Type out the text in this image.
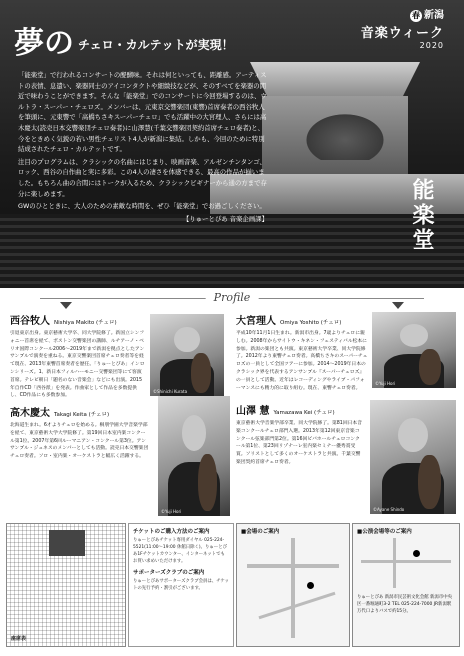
夢の $^{チェロ・カルテットが実現!}$
春 新潟
音楽ウィーク
2020

「能楽堂」で行われるコンサートの醍醐味。それは何といっても、距離感。アーティストの表情、息遣い、楽器同士のアイコンタクトや細緻技などが、そのすべてを楽器の間近で味わうことができます。そんな「能楽堂」でのコンサートに今回登場するのは、ウルトラ・スーパー・チェロズ。メンバーは、元東京交響楽団(東響)首席奏者の西谷牧人を筆頭に、元東響で「高橋ちさキスーパーチェロ」でも活躍中の大宮理人、さらには高木慶太(読売日本交響楽団チェロ奏者)に山澤慧(千葉交響楽団契約首席チェロ奏者)と、今をときめく気鋭の若い男性チェリスト4人が新潟に集結。しかも、今回のために特別結成されたチェロ・カルテットです。

注目のプログラムは、クラシックの名曲にはじまり、映画音楽、アルゼンチンタンゴ、ロック、西谷の自作曲と実に多彩。この4人の凄さを体感できる、最高の作品が揃いました。もちろん曲の合間にはトークが入るため、クラシックビギナーから通の方まで存分に楽しめます。

GWのひとときに、大人のための素敵な時間を、ぜひ「能楽堂」でお過ごしください。

【りゅーとぴあ 音楽企画課】	能楽堂
Profile
西谷牧人 Nishiya Makito (チェロ)
引退東京出身。東京藝術大学卒、同大学院修了。新国立シンフォニー首席を経て、ボストン交響楽団の講師、ルチアーノ・ベリオ国際コンクール2006〜2019年まで新潟を拠点としたアンサンブルで演奏を重ねる。東京交響楽団首席チェロ奏者等を経て現在、2013年東響首席奏者を歴任。「りゅーとぴあ」インロンシリーズ。1、新日本フィルハーモニー交響楽団等にて客演首席。テレビ朝日「題名のない音楽会」などにも出演。2015年自作CD「西谷派」を発表。作曲家として作品を多数提供し、CD作品にも多数参加。
©Shinichi Kurata
大宮理人 Omiya Yoshito (チェロ)
平成10年11月1日生まれ。新潟市出身。7歳よりチェロに親しむ。2008年からサイトウ・キネン・フェスティバル松本に参加。新潟の楽団とも共演。東京藝術大学卒業、同大学院修了。2012年より東響チェロ奏者。高橋ちさキのスーパーチェロズの一員として全国ツアーに参加。2014〜2019年日本のクラシック界を代表するアンサンブル『スーパーチェロズ』の一員として活動。近年はレコーディングやライブ・パフォーマンスにも精力的に取り組む。現在、東響チェロ奏者。
©Yuji Hori
高木慶太 Takagi Keita (チェロ)
北海道生まれ。6才よりチェロを始める。桐朋学園大学音楽学部を経て、東京藝術大学大学院修了。第19回日本室内楽コンクール第1位。2007年第6回ルーマニアン・コンクール第3位。アンサンブル・ジュネスのメンバーとしても活動。読売日本交響楽団チェロ奏者。ソロ・室内楽・オーケストラと幅広く活躍する。
©Yuji Hori
山澤 慧 Yamazawa Kei (チェロ)
東京藝術大学音楽学部卒業、同大学院修了。第81回日本音楽コンクールチェロ部門入選。2013年第12回東京音楽コンクール弦楽部門第2位。第16回ビバホールチェロコンクール第1位、第23回リゾナーレ室内楽セミナー優秀賞受賞。ソリストとして多くのオーケストラと共演。千葉交響楽団契約首席チェロ奏者。
©Ayane Shindo
座席表
チケットのご購入方法のご案内
りゅーとぴあチケット専用ダイヤル 025-224-5521(11:00〜19:00 休館日除く)。りゅーとぴあ1Fチケットカウンター、インターネットでもお買い求めいただけます。
サポーターズクラブのご案内
りゅーとぴあサポーターズクラブ会員は、チケットの先行予約・割引がございます。
■会場のご案内	■公演会場等のご案内
りゅーとぴあ 新潟市民芸術文化会館 新潟市中央区一番堀通町3-2 TEL 025-224-7000 JR新潟駅万代口よりバスで約15分。
